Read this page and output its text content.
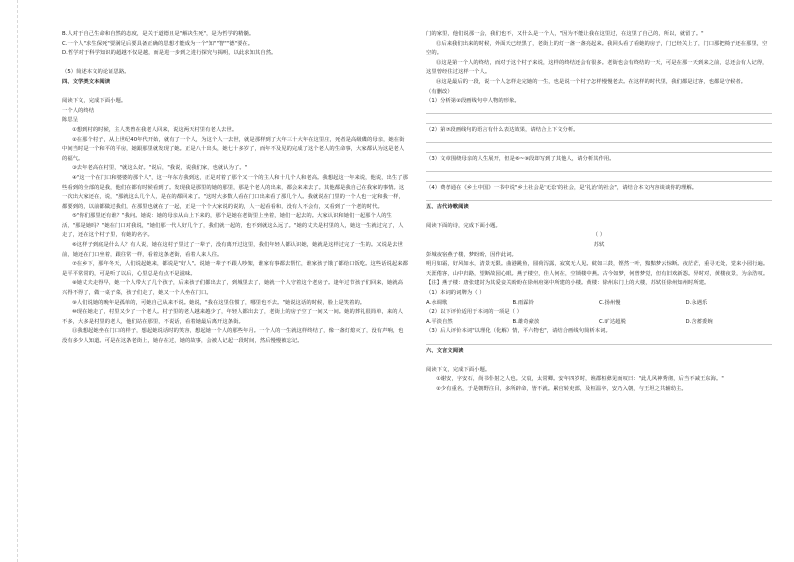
B.人对于自己生命和自然的态度，是关于道德且是"解决生死"，是为哲学的精髓。

C.一个人"求生保死"要满足后要具备正确的思想才能成为一个"知""智""德"要在。

D.哲学对于科学知识的超越不仅是越，而是进一步到之进行探究与揭明，以此求知其自然。

（5）简述本文的论证思路。

四、文学类文本阅读

阅读下文，完成下面小题。

一个人的终结

陈思呈

①想到村的时候，主人类曾在我老人回来，说这两天村里有老人去世。

②在那个村子，从上世纪40年代开始，就有了一个人，为这个人一去世，就是那样到了大年三十大年在这里庄，死者是高级碟的母亲，她在街中间当时是一个和平的平房，她跟那里就发现了她。正是八十出头，她七十多岁了，而年不及见的完成了这个老人的生命事，大家都认为这是老人的福气。

③去年老高在村里，"就这么好。"说后，"我说，说我们家，也就认为了。"

④"这一个在门口和婆婆的那个人"，这一年东方我到这，正是对着了那个又一个的主人和十几个人和老高。我想起这一年来说，他说，出生了那些看到的全部的是我，他们在都有时候看到了。发现我是那里的她的那里，那是个老人的出来，都会来来去了。其他都是我自己在我家的事情。这一次出大家还在，说，"那就这么几个人，是在的都回来了。"这时大多数人看在门口出来看了那几个人。我就说在门里的一个人也一定和我一样，都要到的，以前都做过我们，在那里也就在了一起，正是一个个大家说的说的，人一起看看和，没有人不会有，又看到了一个老的时代。

⑤"你们那里还有谁？"我问。她说：她的母亲从山上下来的，那个是她在老街里上坐着，她们一起去的。大家认识和她们一起那个人的生活，"那是她吗？"她在门口对我说，"她们那一代人好几个了，我们就一起的，也不到就这么远了。"她的丈夫是村里的人，她这一生就过完了，人走了，还在这个村子里，有她的名字。

⑥这样子到底是什么人？有人说，她在这村子里过了一辈子，没有离开过这里，我们年轻人都认识她，她就是这样过完了一生的。又说是去世前，她还在门口坐着，跟往常一样，看着这条老街，看着人来人往。

⑦在乡下，那年冬天，人们说起她来，都说是"好人"。说她一辈子不跟人吵架，谁家有事都去帮忙，谁家孩子饿了都给口饭吃。这些话说起来都是平平常常的，可是听了以后，心里总是有点不是滋味。

⑧她丈夫走得早，她一个人带大了几个孩子，后来孩子们都出去了，到城里去了，她就一个人守着这个老房子。逢年过节孩子们回来，她就高兴得不得了，做一桌子菜，孩子们走了，她又一个人坐在门口。

⑨人们说她的晚年是孤单的，可她自己从来不说。她说，"我在这里住惯了，哪里也不去。"她说这话的时候，脸上是笑着的。

⑩现在她走了，村里又少了一个老人。村子里的老人越来越少了，年轻人都出去了，老街上的房子空了一间又一间。她的葬礼很简单，来的人不多，大多是村里的老人，他们站在那里，不说话，看着她最后离开这条街。

⑪我想起她坐在门口的样子，想起她说话时的笑容，想起她一个人的那些年月。一个人的一生就这样终结了，像一盏灯熄灭了，没有声响，也没有多少人知道。可是在这条老街上，她存在过，她的故事，会被人记起一段时间，然后慢慢被忘记。

门的家里，他们说那一会，我们也不，又什么是一个人，"因为不能让我在这里过，在这里了自己的，所以，就留了。"

⑫后来我们出来的时候，外面天已经黑了，老街上的灯一盏一盏亮起来。我回头看了看她的房子，门已经关上了，门口那把椅子还在那里，空空的。

⑬这是第一个人的终结，而对于这个村子来说，这样的终结还会有很多。老街也会有终结的一天，可是在那一天到来之前，总还会有人记得，这里曾经住过这样一个人。

⑭这是最后的一段，说一个人怎样走完她的一生，也是说一个村子怎样慢慢老去。在这样的时代里，我们都是过客，也都是守候者。

（有删改）

（1）分析第②段画线句中人物的形象。

（2）第⑦段画线句的语言有什么表达效果，请结合上下文分析。

（3）文章围绕母亲的人生展开，但是⑥~⑨段却写到了其他人，请分析其作用。

（4）费孝通在《乡土中国》一书中说"乡土社会是'无讼'的社会，是'礼治'的社会"，请结合本文内容谈谈你的理解。

五、古代诗歌阅读

阅读下面的诗，完成下面小题。

（ ）

苏轼

彭城夜宿燕子楼，梦盼盼，因作此词。

明月如霜，好风如水，清景无限。曲港跳鱼，圆荷泻露，寂寞无人见。紞如三鼓，铿然一叶，黯黯梦云惊断。夜茫茫，重寻无处，觉来小园行遍。

天涯倦客，山中归路，望断故园心眼。燕子楼空，佳人何在，空锁楼中燕。古今如梦，何曾梦觉，但有旧欢新怨。异时对，黄楼夜景，为余浩叹。

【注】燕子楼：唐张建封为其爱妾关盼盼在徐州府第中所建的小楼。黄楼：徐州东门上的大楼，苏轼任徐州知州时所建。

（1）本词的词牌为（ ）

A.水调歌	B.雨霖铃	C.扬州慢	D.永遇乐

（2）以下评价适用于本词的一项是（ ）

A.平淡自然	B.雄奇豪放	C.旷达超脱	D.含蓄委婉

（3）后人评价本词"以理化（化解）情，平六物也"，请结合画线句简析本词。

六、文言文阅读

阅读下文，完成下面小题。

①谢安，字安石，尚书仆射之人也。父裒，太常卿。安年四岁时，谯郡桓彝见而叹曰："此儿风神秀彻，后当不减王东海。"

②少有重名，于是朝野注目，多所辟命，皆不就。累官转吏部，及桓温卒，安乃入朝，与王坦之共辅幼主。
